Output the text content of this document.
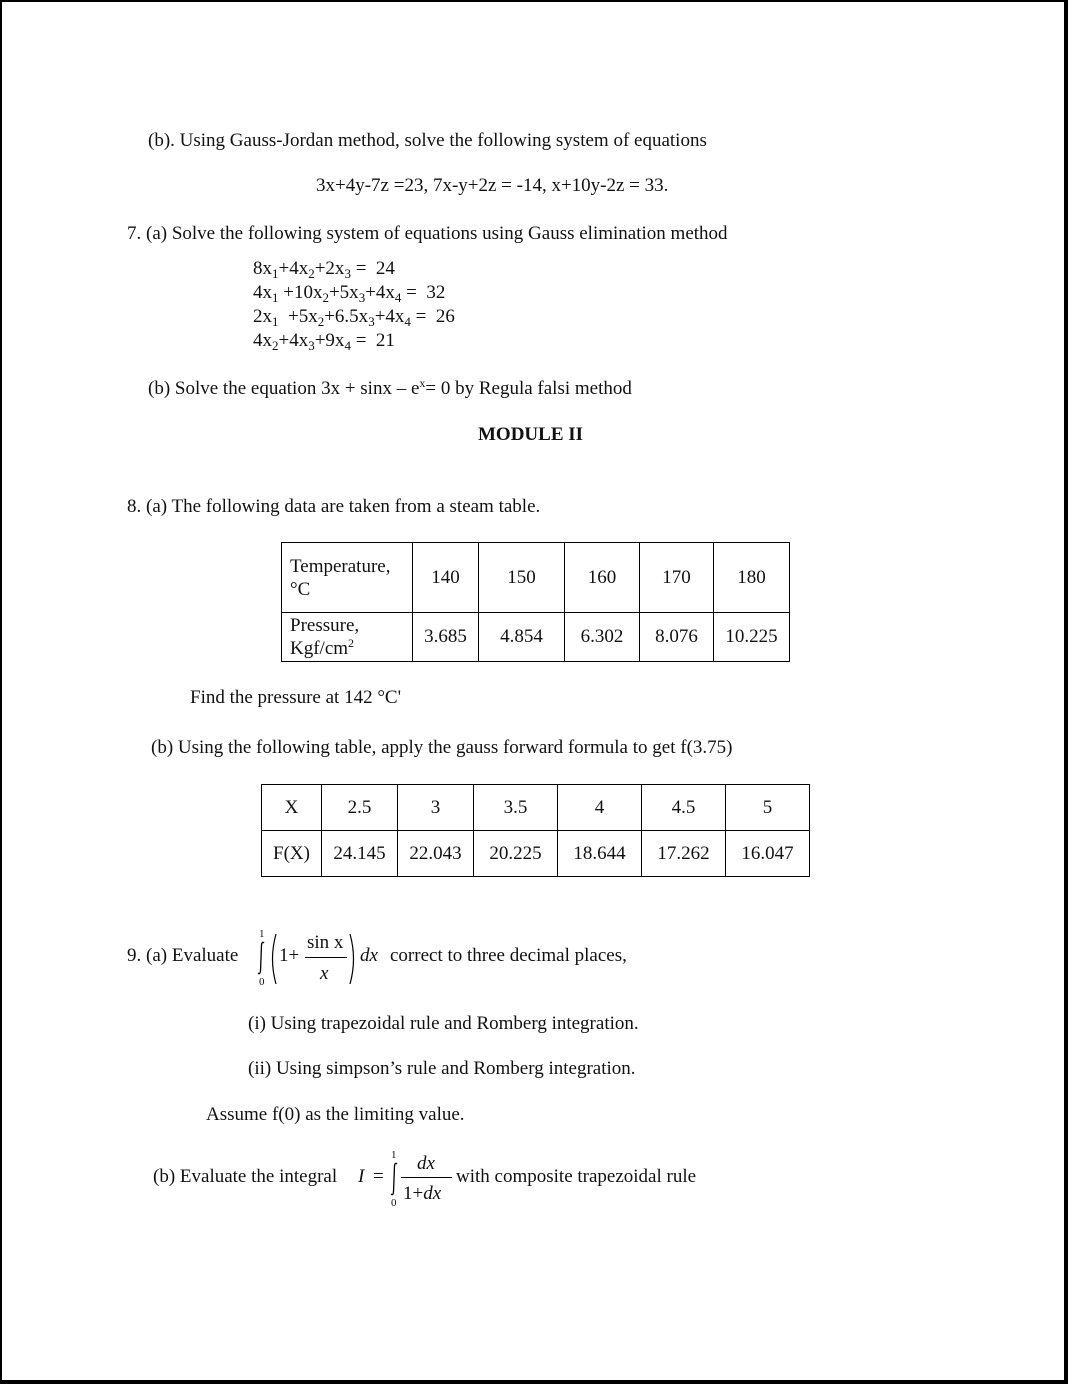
(b). Using Gauss-Jordan method, solve the following system of equations
3x+4y-7z =23, 7x-y+2z = -14, x+10y-2z = 33.
7. (a) Solve the following system of equations using Gauss elimination method
$8x_1+4x_2+2x_3 = 24$
$4x_1 +10x_2+5x_3+4x_4 = 32$
$2x_1 +5x_2+6.5x_3+4x_4 = 26$
$4x_2+4x_3+9x_4 = 21$
(b) Solve the equation $3x + \sin x - e^x= 0$ by Regula falsi method
MODULE II
8. (a) The following data are taken from a steam table.
Temperature,
°C	140	150	160	170	180
Pressure,
Kgf/$cm^2$	3.685	4.854	6.302	8.076	10.225
Find the pressure at 142 °C'
(b) Using the following table, apply the gauss forward formula to get f(3.75)
X	2.5	3	3.5	4	4.5	5
F(X)	24.145	22.043	20.225	18.644	17.262	16.047
9. (a) Evaluate
1
0
1+
sin x
x
dx correct to three decimal places,
(i) Using trapezoidal rule and Romberg integration.
(ii) Using simpson’s rule and Romberg integration.
Assume f(0) as the limiting value.
(b) Evaluate the integral I =
1
0
dx
1+dx
with composite trapezoidal rule
